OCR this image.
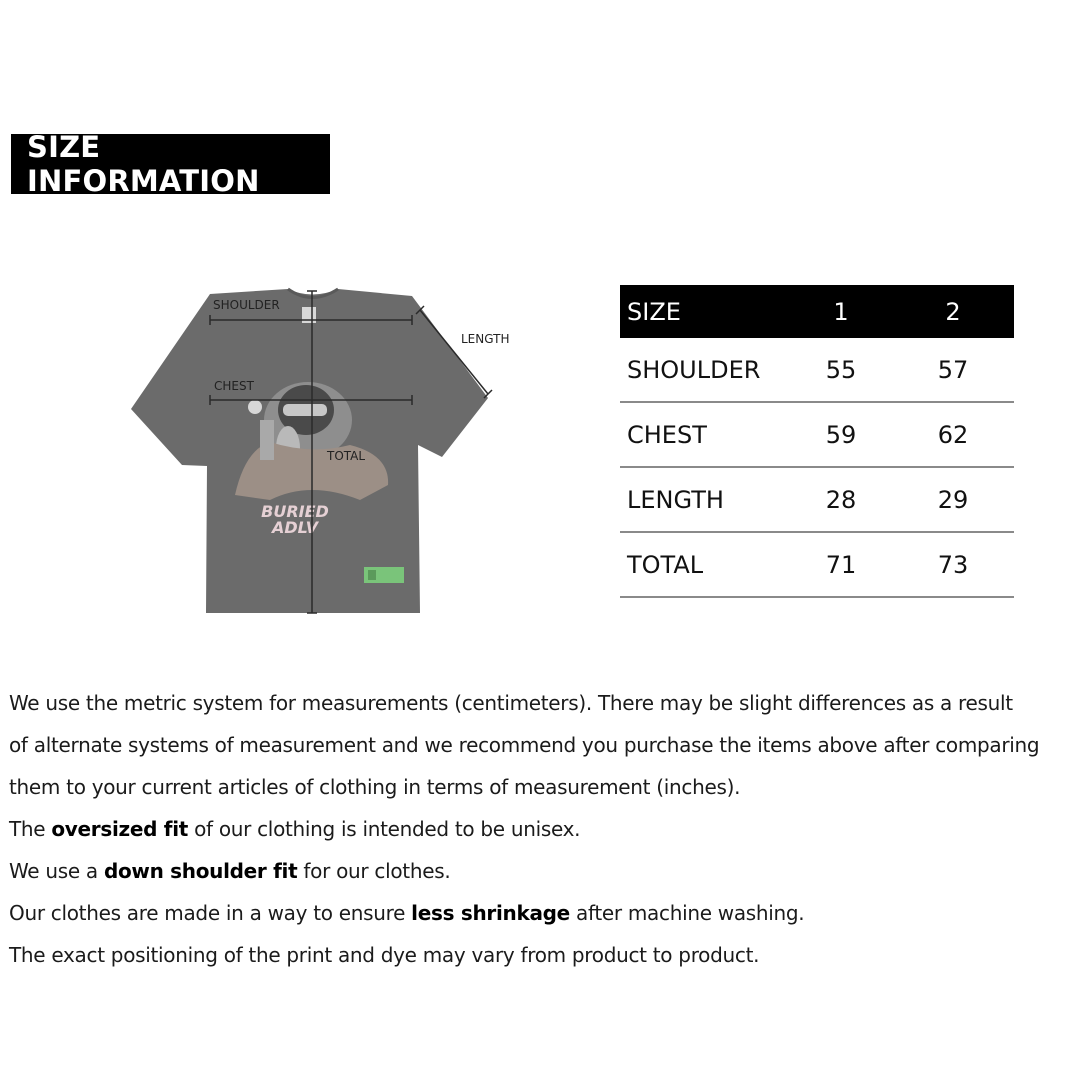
SIZE INFORMATION
BURIED
ADLV
SHOULDER
CHEST
TOTAL
LENGTH
SIZE	1	2
SHOULDER	55	57
CHEST	59	62
LENGTH	28	29
TOTAL	71	73

We use the metric system for measurements (centimeters). There may be slight differences as a result

of alternate systems of measurement and we recommend you purchase the items above after comparing

them to your current articles of clothing in terms of measurement (inches).

The oversized fit of our clothing is intended to be unisex.

We use a down shoulder fit for our clothes.

Our clothes are made in a way to ensure less shrinkage after machine washing.

The exact positioning of the print and dye may vary from product to product.
